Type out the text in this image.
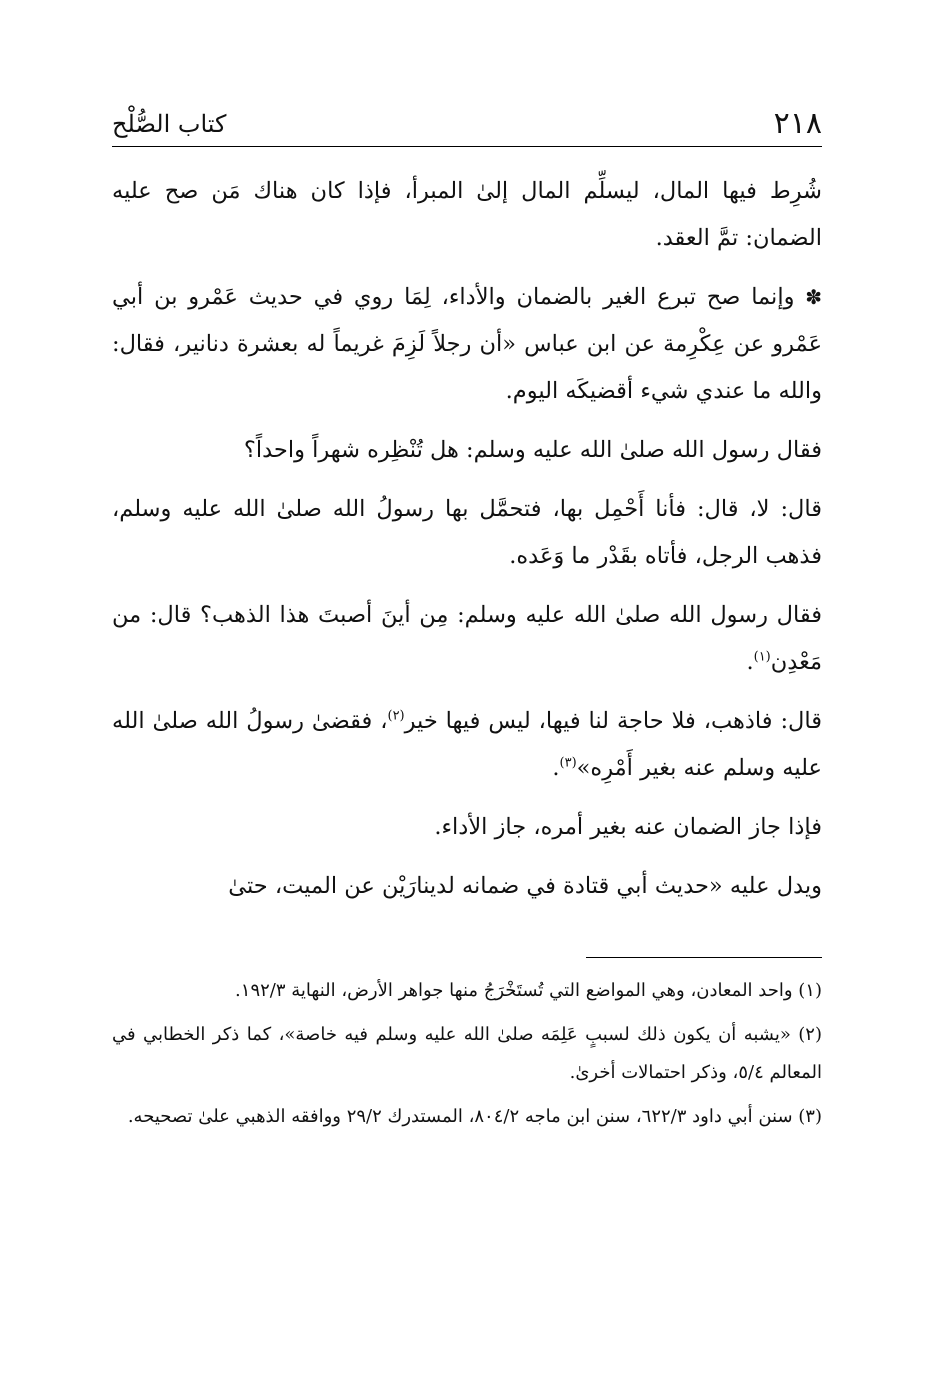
٢١٨
كتاب الصُّلْح

شُرِط فيها المال، ليسلِّم المال إلىٰ المبرأ، فإذا كان هناك مَن صح عليه الضمان: تمَّ العقد.

✽ وإنما صح تبرع الغير بالضمان والأداء، لِمَا روي في حديث عَمْرو بن أبي عَمْرو عن عِكْرِمة عن ابن عباس «أن رجلاً لَزِمَ غريماً له بعشرة دنانير، فقال: والله ما عندي شيء أقضيكَه اليوم.

فقال رسول الله صلىٰ الله عليه وسلم: هل تُنْظِره شهراً واحداً؟

قال: لا، قال: فأنا أَحْمِل بها، فتحمَّل بها رسولُ الله صلىٰ الله عليه وسلم، فذهب الرجل، فأتاه بقَدْر ما وَعَده.

فقال رسول الله صلىٰ الله عليه وسلم: مِن أينَ أصبتَ هذا الذهب؟ قال: من مَعْدِن$^{(١)}$.

قال: فاذهب، فلا حاجة لنا فيها، ليس فيها خير$^{(٢)}$، فقضىٰ رسولُ الله صلىٰ الله عليه وسلم عنه بغير أَمْرِه»$^{(٣)}$.

فإذا جاز الضمان عنه بغير أمره، جاز الأداء.

ويدل عليه «حديث أبي قتادة في ضمانه لدينارَيْن عن الميت، حتىٰ

(١) واحد المعادن، وهي المواضع التي تُستَخْرَجُ منها جواهر الأرض، النهاية ١٩٢/٣.

(٢) «يشبه أن يكون ذلك لسببٍ عَلِمَه صلىٰ الله عليه وسلم فيه خاصة»، كما ذكر الخطابي في المعالم ٥/٤، وذكر احتمالات أخرىٰ.

(٣) سنن أبي داود ٦٢٢/٣، سنن ابن ماجه ٨٠٤/٢، المستدرك ٢٩/٢ ووافقه الذهبي علىٰ تصحيحه.
